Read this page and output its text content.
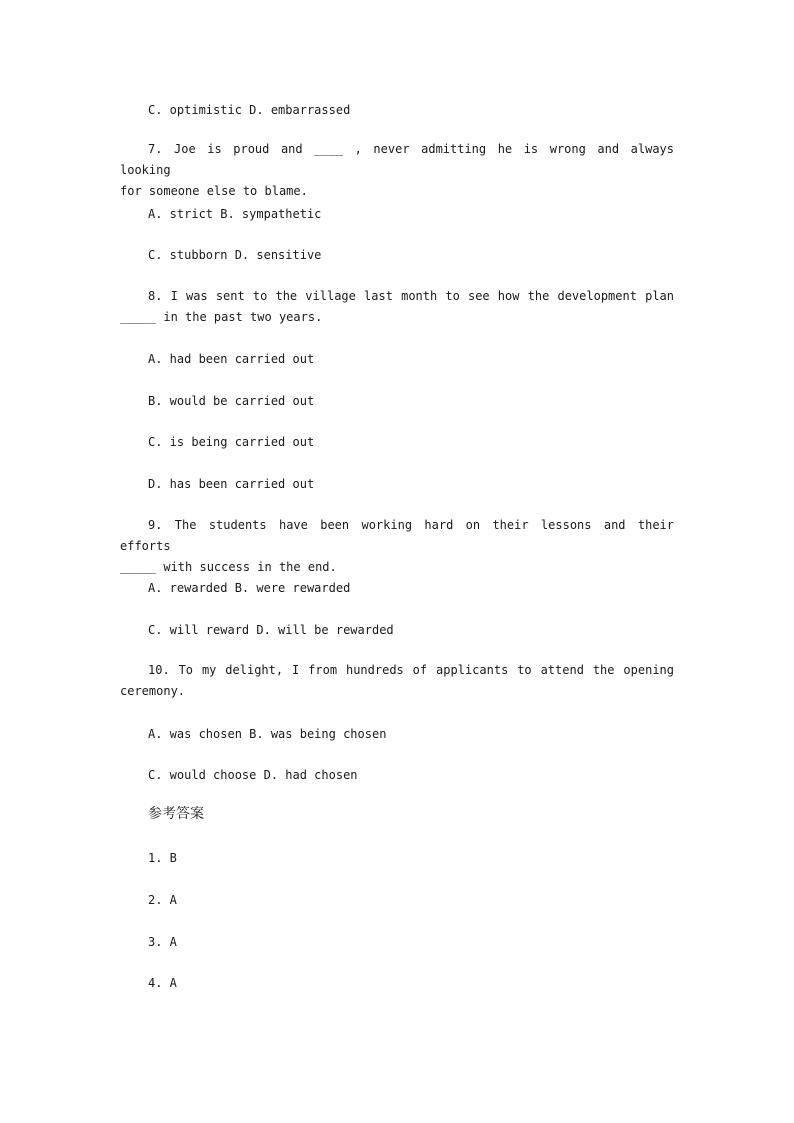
C. optimistic D. embarrassed
7. Joe is proud and ____ , never admitting he is wrong and always looking
for someone else to blame.
A. strict B. sympathetic
C. stubborn D. sensitive
8. I was sent to the village last month to see how the development plan
_____ in the past two years.
A. had been carried out
B. would be carried out
C. is being carried out
D. has been carried out
9. The students have been working hard on their lessons and their efforts
_____ with success in the end.
A. rewarded B. were rewarded
C. will reward D. will be rewarded
10. To my delight, I from hundreds of applicants to attend the opening
ceremony.
A. was chosen B. was being chosen
C. would choose D. had chosen
参考答案
1. B
2. A
3. A
4. A
